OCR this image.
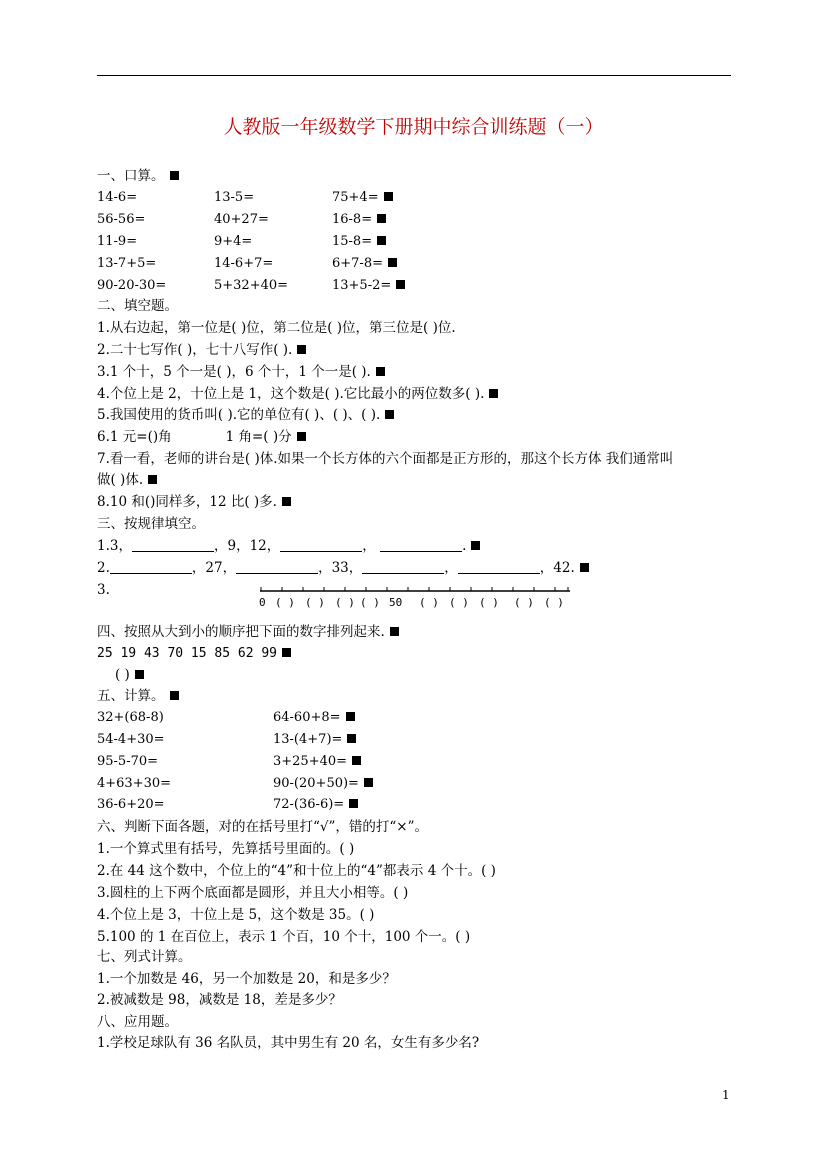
人教版一年级数学下册期中综合训练题（一）
一、口算。
14-6=	13-5=	75+4=
56-56=	40+27=	16-8=
11-9=	9+4=	15-8=
13-7+5=	14-6+7=	6+7-8=
90-20-30=	5+32+40=	13+5-2=
二、填空题。
1.从右边起，第一位是( )位，第二位是( )位，第三位是( )位.
2.二十七写作( )，七十八写作( ).
3.1 个十，5 个一是( )，6 个十，1 个一是( ).
4.个位上是 2，十位上是 1，这个数是( ).它比最小的两位数多( ).
5.我国使用的货币叫( ).它的单位有( )、( )、( ).
6.1 元=()角	1 角=( )分
7.看一看，老师的讲台是( )体.如果一个长方体的六个面都是正方形的，那这个长方体 我们通常叫
做( )体.
8.10 和()同样多，12 比( )多.
三、按规律填空。
1.3，	，9，12，	，	.
2.	，27，	，33，	，	，42.
3.
0 ( ) ( ) ( ) ( ) 50 ( ) ( ) ( ) ( ) ( )
四、按照从大到小的顺序把下面的数字排列起来.
25 19 43 70 15 85 62 99
( )
五、计算。
32+(68-8)	64-60+8=
54-4+30=	13-(4+7)=
95-5-70=	3+25+40=
4+63+30=	90-(20+50)=
36-6+20=	72-(36-6)=
六、判断下面各题，对的在括号里打“√”，错的打“×”。
1.一个算式里有括号，先算括号里面的。( )
2.在 44 这个数中，个位上的“4”和十位上的“4”都表示 4 个十。( )
3.圆柱的上下两个底面都是圆形，并且大小相等。( )
4.个位上是 3，十位上是 5，这个数是 35。( )
5.100 的 1 在百位上，表示 1 个百，10 个十，100 个一。( )
七、列式计算。
1.一个加数是 46，另一个加数是 20，和是多少？
2.被减数是 98，减数是 18，差是多少？
八、应用题。
1.学校足球队有 36 名队员，其中男生有 20 名，女生有多少名?
1
